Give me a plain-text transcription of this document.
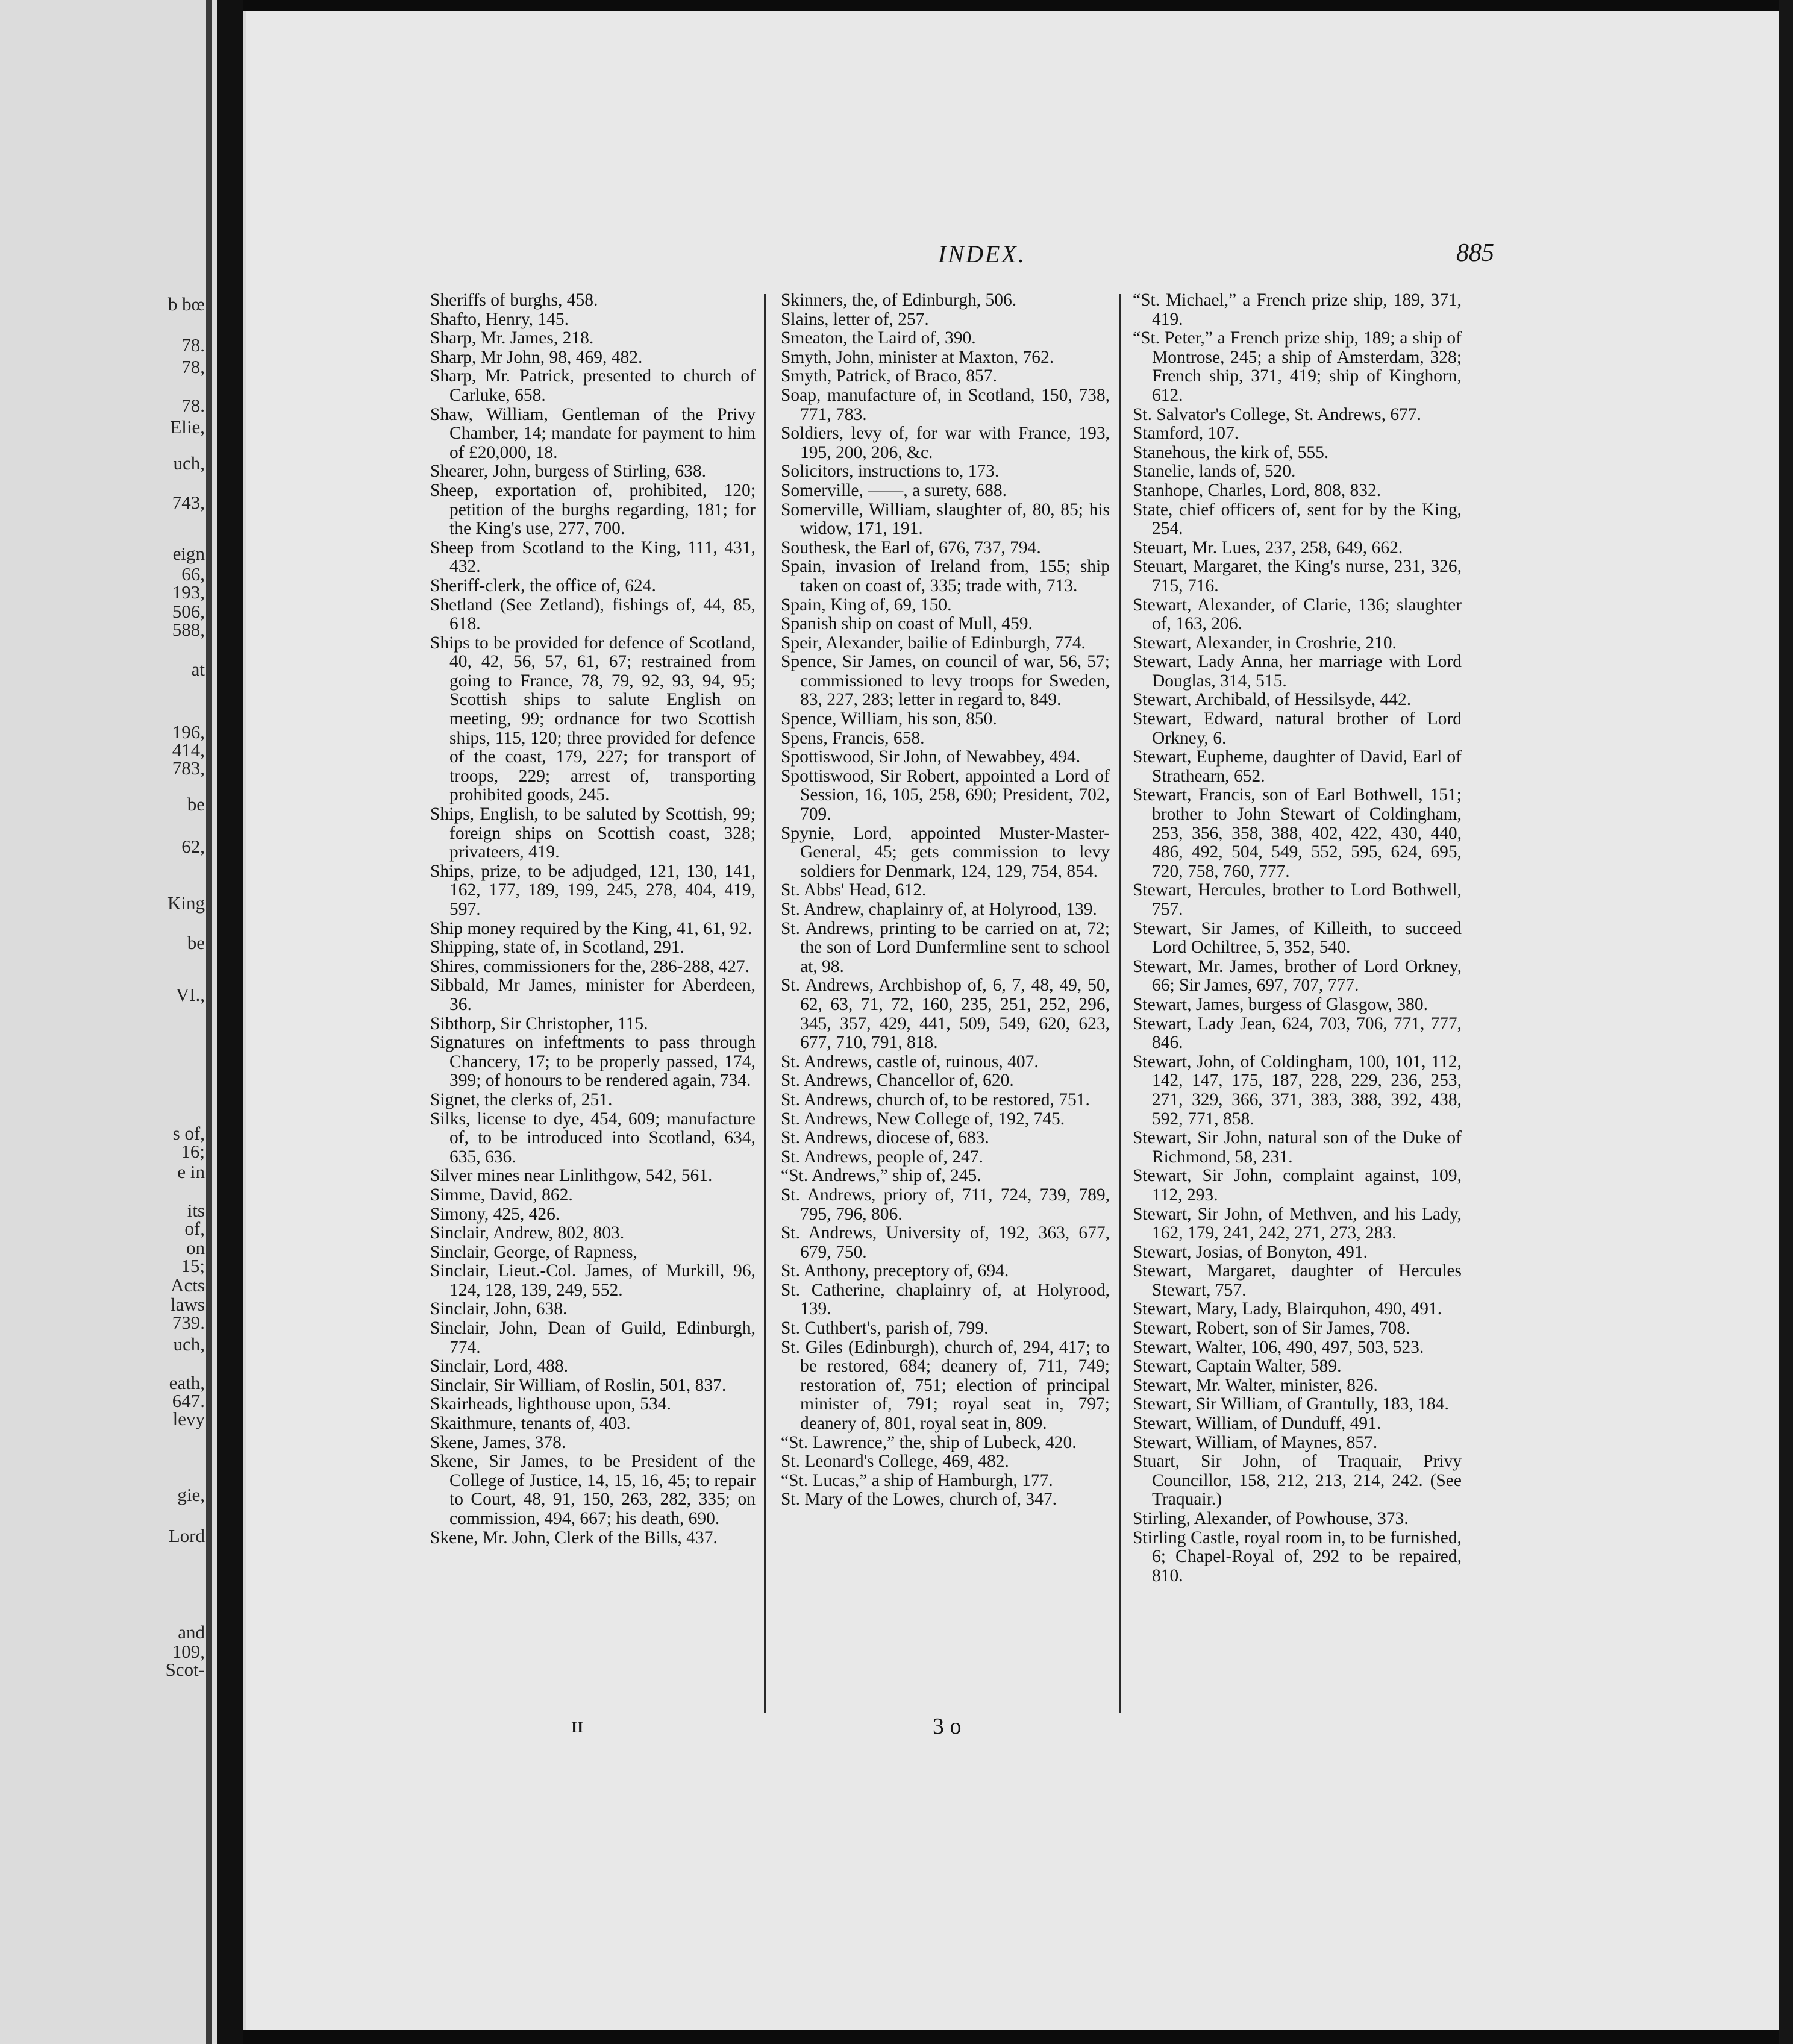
b bœ
78.
78,
78.
Elie,
uch,
743,
eign
66,
193,
506,
588,
at
196,
414,
783,
be
62,
King
be
VI.,
s of,
16;
e in
its
of,
on
15;
Acts
laws
739.
uch,
eath,
647.
levy
gie,
Lord
and
109,
Scot-
INDEX.	885

Sheriffs of burghs, 458.

Shafto, Henry, 145.

Sharp, Mr. James, 218.

Sharp, Mr John, 98, 469, 482.

Sharp, Mr. Patrick, presented to church of Carluke, 658.

Shaw, William, Gentleman of the Privy Chamber, 14; mandate for payment to him of £20,000, 18.

Shearer, John, burgess of Stirling, 638.

Sheep, exportation of, prohibited, 120; petition of the burghs regarding, 181; for the King's use, 277, 700.

Sheep from Scotland to the King, 111, 431, 432.

Sheriff-clerk, the office of, 624.

Shetland (See Zetland), fishings of, 44, 85, 618.

Ships to be provided for defence of Scotland, 40, 42, 56, 57, 61, 67; restrained from going to France, 78, 79, 92, 93, 94, 95; Scottish ships to salute English on meeting, 99; ordnance for two Scottish ships, 115, 120; three provided for defence of the coast, 179, 227; for transport of troops, 229; arrest of, transporting prohibited goods, 245.

Ships, English, to be saluted by Scottish, 99; foreign ships on Scottish coast, 328; privateers, 419.

Ships, prize, to be adjudged, 121, 130, 141, 162, 177, 189, 199, 245, 278, 404, 419, 597.

Ship money required by the King, 41, 61, 92.

Shipping, state of, in Scotland, 291.

Shires, commissioners for the, 286-288, 427.

Sibbald, Mr James, minister for Aberdeen, 36.

Sibthorp, Sir Christopher, 115.

Signatures on infeftments to pass through Chancery, 17; to be properly passed, 174, 399; of honours to be rendered again, 734.

Signet, the clerks of, 251.

Silks, license to dye, 454, 609; manufacture of, to be introduced into Scotland, 634, 635, 636.

Silver mines near Linlithgow, 542, 561.

Simme, David, 862.

Simony, 425, 426.

Sinclair, Andrew, 802, 803.

Sinclair, George, of Rapness,

Sinclair, Lieut.-Col. James, of Murkill, 96, 124, 128, 139, 249, 552.

Sinclair, John, 638.

Sinclair, John, Dean of Guild, Edinburgh, 774.

Sinclair, Lord, 488.

Sinclair, Sir William, of Roslin, 501, 837.

Skairheads, lighthouse upon, 534.

Skaithmure, tenants of, 403.

Skene, James, 378.

Skene, Sir James, to be President of the College of Justice, 14, 15, 16, 45; to repair to Court, 48, 91, 150, 263, 282, 335; on commission, 494, 667; his death, 690.

Skene, Mr. John, Clerk of the Bills, 437.

Skinners, the, of Edinburgh, 506.

Slains, letter of, 257.

Smeaton, the Laird of, 390.

Smyth, John, minister at Maxton, 762.

Smyth, Patrick, of Braco, 857.

Soap, manufacture of, in Scotland, 150, 738, 771, 783.

Soldiers, levy of, for war with France, 193, 195, 200, 206, &c.

Solicitors, instructions to, 173.

Somerville, ——, a surety, 688.

Somerville, William, slaughter of, 80, 85; his widow, 171, 191.

Southesk, the Earl of, 676, 737, 794.

Spain, invasion of Ireland from, 155; ship taken on coast of, 335; trade with, 713.

Spain, King of, 69, 150.

Spanish ship on coast of Mull, 459.

Speir, Alexander, bailie of Edinburgh, 774.

Spence, Sir James, on council of war, 56, 57; commissioned to levy troops for Sweden, 83, 227, 283; letter in regard to, 849.

Spence, William, his son, 850.

Spens, Francis, 658.

Spottiswood, Sir John, of Newabbey, 494.

Spottiswood, Sir Robert, appointed a Lord of Session, 16, 105, 258, 690; President, 702, 709.

Spynie, Lord, appointed Muster-Master-General, 45; gets commission to levy soldiers for Denmark, 124, 129, 754, 854.

St. Abbs' Head, 612.

St. Andrew, chaplainry of, at Holyrood, 139.

St. Andrews, printing to be carried on at, 72; the son of Lord Dunfermline sent to school at, 98.

St. Andrews, Archbishop of, 6, 7, 48, 49, 50, 62, 63, 71, 72, 160, 235, 251, 252, 296, 345, 357, 429, 441, 509, 549, 620, 623, 677, 710, 791, 818.

St. Andrews, castle of, ruinous, 407.

St. Andrews, Chancellor of, 620.

St. Andrews, church of, to be restored, 751.

St. Andrews, New College of, 192, 745.

St. Andrews, diocese of, 683.

St. Andrews, people of, 247.

“St. Andrews,” ship of, 245.

St. Andrews, priory of, 711, 724, 739, 789, 795, 796, 806.

St. Andrews, University of, 192, 363, 677, 679, 750.

St. Anthony, preceptory of, 694.

St. Catherine, chaplainry of, at Holyrood, 139.

St. Cuthbert's, parish of, 799.

St. Giles (Edinburgh), church of, 294, 417; to be restored, 684; deanery of, 711, 749; restoration of, 751; election of principal minister of, 791; royal seat in, 797; deanery of, 801, royal seat in, 809.

“St. Lawrence,” the, ship of Lubeck, 420.

St. Leonard's College, 469, 482.

“St. Lucas,” a ship of Hamburgh, 177.

St. Mary of the Lowes, church of, 347.

“St. Michael,” a French prize ship, 189, 371, 419.

“St. Peter,” a French prize ship, 189; a ship of Montrose, 245; a ship of Amsterdam, 328; French ship, 371, 419; ship of Kinghorn, 612.

St. Salvator's College, St. Andrews, 677.

Stamford, 107.

Stanehous, the kirk of, 555.

Stanelie, lands of, 520.

Stanhope, Charles, Lord, 808, 832.

State, chief officers of, sent for by the King, 254.

Steuart, Mr. Lues, 237, 258, 649, 662.

Steuart, Margaret, the King's nurse, 231, 326, 715, 716.

Stewart, Alexander, of Clarie, 136; slaughter of, 163, 206.

Stewart, Alexander, in Croshrie, 210.

Stewart, Lady Anna, her marriage with Lord Douglas, 314, 515.

Stewart, Archibald, of Hessilsyde, 442.

Stewart, Edward, natural brother of Lord Orkney, 6.

Stewart, Eupheme, daughter of David, Earl of Strathearn, 652.

Stewart, Francis, son of Earl Bothwell, 151; brother to John Stewart of Coldingham, 253, 356, 358, 388, 402, 422, 430, 440, 486, 492, 504, 549, 552, 595, 624, 695, 720, 758, 760, 777.

Stewart, Hercules, brother to Lord Bothwell, 757.

Stewart, Sir James, of Killeith, to succeed Lord Ochiltree, 5, 352, 540.

Stewart, Mr. James, brother of Lord Orkney, 66; Sir James, 697, 707, 777.

Stewart, James, burgess of Glasgow, 380.

Stewart, Lady Jean, 624, 703, 706, 771, 777, 846.

Stewart, John, of Coldingham, 100, 101, 112, 142, 147, 175, 187, 228, 229, 236, 253, 271, 329, 366, 371, 383, 388, 392, 438, 592, 771, 858.

Stewart, Sir John, natural son of the Duke of Richmond, 58, 231.

Stewart, Sir John, complaint against, 109, 112, 293.

Stewart, Sir John, of Methven, and his Lady, 162, 179, 241, 242, 271, 273, 283.

Stewart, Josias, of Bonyton, 491.

Stewart, Margaret, daughter of Hercules Stewart, 757.

Stewart, Mary, Lady, Blairquhon, 490, 491.

Stewart, Robert, son of Sir James, 708.

Stewart, Walter, 106, 490, 497, 503, 523.

Stewart, Captain Walter, 589.

Stewart, Mr. Walter, minister, 826.

Stewart, Sir William, of Grantully, 183, 184.

Stewart, William, of Dunduff, 491.

Stewart, William, of Maynes, 857.

Stuart, Sir John, of Traquair, Privy Councillor, 158, 212, 213, 214, 242. (See Traquair.)

Stirling, Alexander, of Powhouse, 373.

Stirling Castle, royal room in, to be furnished, 6; Chapel-Royal of, 292 to be repaired, 810.

II	3 o
